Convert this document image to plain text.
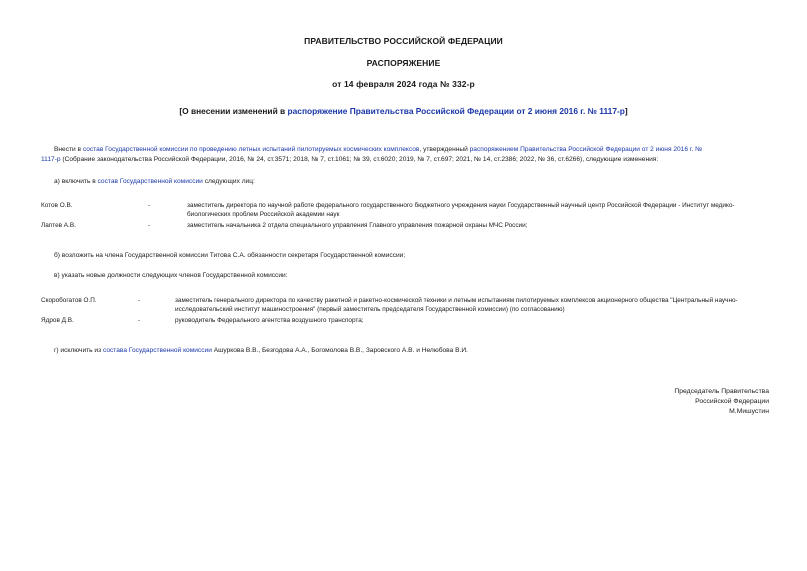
ПРАВИТЕЛЬСТВО РОССИЙСКОЙ ФЕДЕРАЦИИ
РАСПОРЯЖЕНИЕ
от 14 февраля 2024 года № 332-р
[О внесении изменений в распоряжение Правительства Российской Федерации от 2 июня 2016 г. № 1117-р]
Внести в состав Государственной комиссии по проведению летных испытаний пилотируемых космических комплексов, утвержденный распоряжением Правительства Российской Федерации от 2 июня 2016 г. №
1117-р (Собрание законодательства Российской Федерации, 2016, № 24, ст.3571; 2018, № 7, ст.1061; № 39, ст.6020; 2019, № 7, ст.697; 2021, № 14, ст.2386; 2022, № 36, ст.6266), следующие изменения:
а) включить в состав Государственной комиссии следующих лиц:
Котов О.В.	-	заместитель директора по научной работе федерального государственного бюджетного учреждения науки Государственный научный центр Российской Федерации - Институт медико-биологических проблем Российской академии наук
Лаптев А.В.	-	заместитель начальника 2 отдела специального управления Главного управления пожарной охраны МЧС России;
б) возложить на члена Государственной комиссии Титова С.А. обязанности секретаря Государственной комиссии;
в) указать новые должности следующих членов Государственной комиссии:
Скоробогатов О.П.	-	заместитель генерального директора по качеству ракетной и ракетно-космической техники и летным испытаниям пилотируемых комплексов акционерного общества "Центральный научно-исследовательский институт машиностроения" (первый заместитель председателя Государственной комиссии) (по согласованию)
Ядров Д.В.	-	руководитель Федерального агентства воздушного транспорта;
г) исключить из состава Государственной комиссии Ашуркова В.В., Безгодова А.А., Богомолова В.В., Заровского А.В. и Нелюбова В.И.
Председатель Правительства
Российской Федерации
М.Мишустин
